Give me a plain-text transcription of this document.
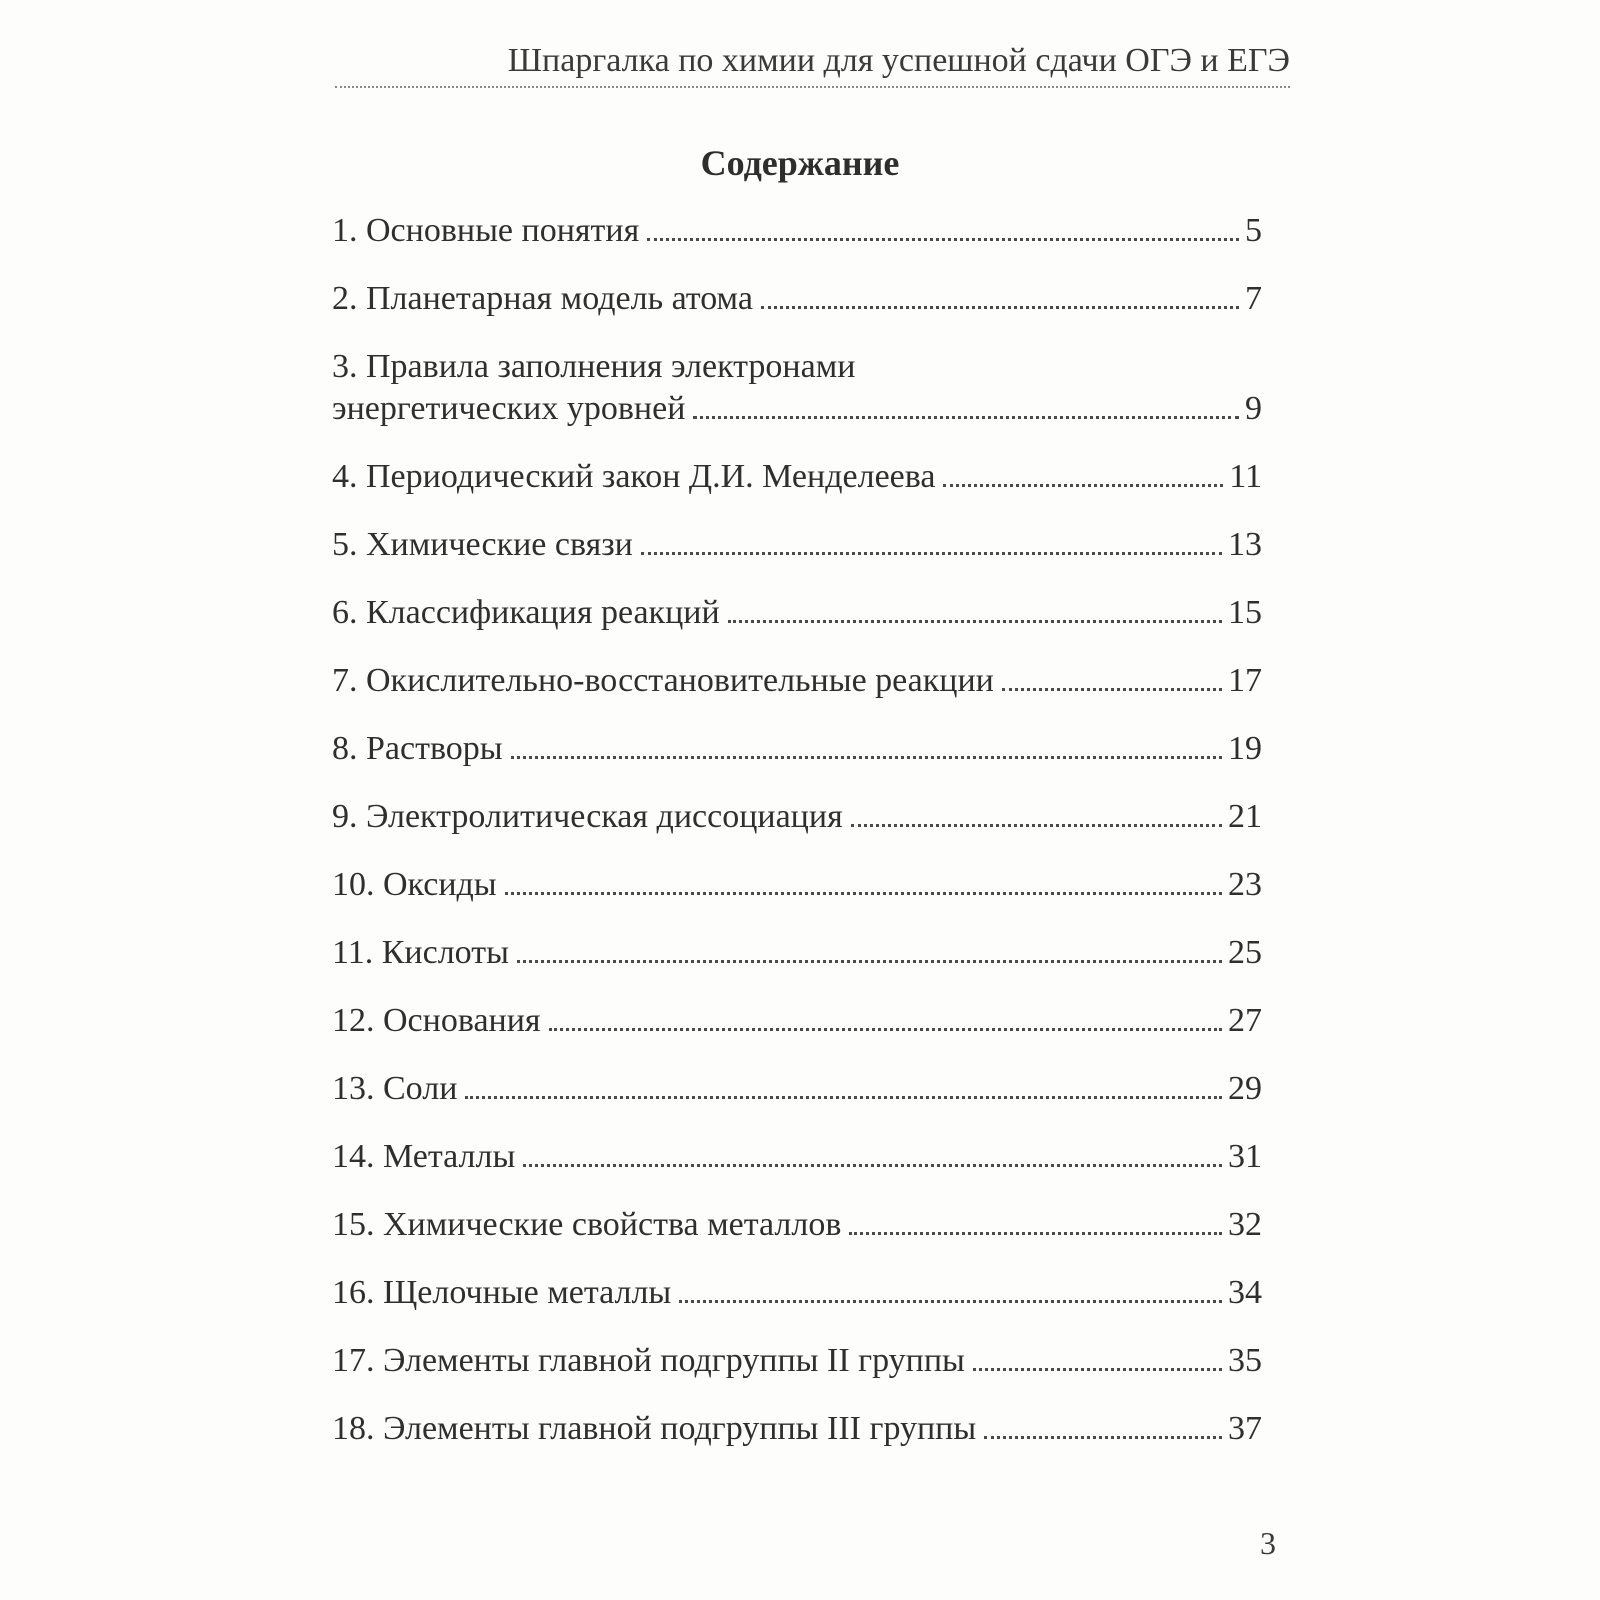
Шпаргалка по химии для успешной сдачи ОГЭ и ЕГЭ
Содержание
1. Основные понятия	5
2. Планетарная модель атома	7
3. Правила заполнения электронами
энергетических уровней	9
4. Периодический закон Д.И. Менделеева	11
5. Химические связи	13
6. Классификация реакций	15
7. Окислительно-восстановительные реакции	17
8. Растворы	19
9. Электролитическая диссоциация	21
10. Оксиды	23
11. Кислоты	25
12. Основания	27
13. Соли	29
14. Металлы	31
15. Химические свойства металлов	32
16. Щелочные металлы	34
17. Элементы главной подгруппы II группы	35
18. Элементы главной подгруппы III группы	37
3
